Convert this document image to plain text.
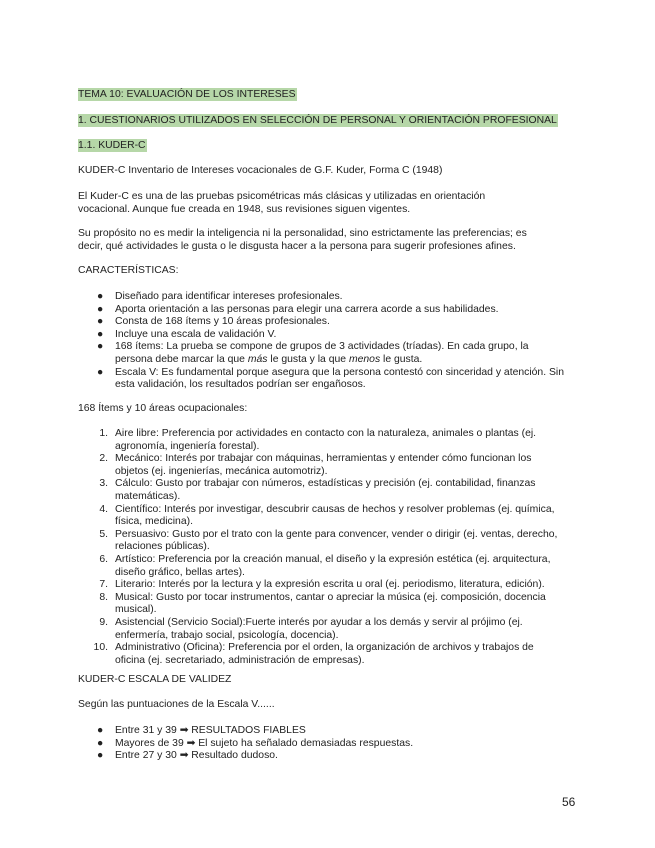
TEMA 10: EVALUACIÓN DE LOS INTERESES
1. CUESTIONARIOS UTILIZADOS EN SELECCIÓN DE PERSONAL Y ORIENTACIÓN PROFESIONAL
1.1. KUDER-C
KUDER-C Inventario de Intereses vocacionales de G.F. Kuder, Forma C (1948)
El Kuder-C es una de las pruebas psicométricas más clásicas y utilizadas en orientación
vocacional. Aunque fue creada en 1948, sus revisiones siguen vigentes.
Su propósito no es medir la inteligencia ni la personalidad, sino estrictamente las preferencias; es
decir, qué actividades le gusta o le disgusta hacer a la persona para sugerir profesiones afines.
CARACTERÍSTICAS:
● Diseñado para identificar intereses profesionales.
● Aporta orientación a las personas para elegir una carrera acorde a sus habilidades.
● Consta de 168 ítems y 10 áreas profesionales.
● Incluye una escala de validación V.
● 168 ítems: La prueba se compone de grupos de 3 actividades (tríadas). En cada grupo, la
persona debe marcar la que más le gusta y la que menos le gusta.
● Escala V: Es fundamental porque asegura que la persona contestó con sinceridad y atención. Sin
esta validación, los resultados podrían ser engañosos.
168 Ítems y 10 áreas ocupacionales:
1. Aire libre: Preferencia por actividades en contacto con la naturaleza, animales o plantas (ej.
agronomía, ingeniería forestal).
2. Mecánico: Interés por trabajar con máquinas, herramientas y entender cómo funcionan los
objetos (ej. ingenierías, mecánica automotriz).
3. Cálculo: Gusto por trabajar con números, estadísticas y precisión (ej. contabilidad, finanzas
matemáticas).
4. Científico: Interés por investigar, descubrir causas de hechos y resolver problemas (ej. química,
física, medicina).
5. Persuasivo: Gusto por el trato con la gente para convencer, vender o dirigir (ej. ventas, derecho,
relaciones públicas).
6. Artístico: Preferencia por la creación manual, el diseño y la expresión estética (ej. arquitectura,
diseño gráfico, bellas artes).
7. Literario: Interés por la lectura y la expresión escrita u oral (ej. periodismo, literatura, edición).
8. Musical: Gusto por tocar instrumentos, cantar o apreciar la música (ej. composición, docencia
musical).
9. Asistencial (Servicio Social):Fuerte interés por ayudar a los demás y servir al prójimo (ej.
enfermería, trabajo social, psicología, docencia).
10. Administrativo (Oficina): Preferencia por el orden, la organización de archivos y trabajos de
oficina (ej. secretariado, administración de empresas).
KUDER-C ESCALA DE VALIDEZ
Según las puntuaciones de la Escala V......
● Entre 31 y 39 ➡ RESULTADOS FIABLES
● Mayores de 39 ➡ El sujeto ha señalado demasiadas respuestas.
● Entre 27 y 30 ➡ Resultado dudoso.
56
